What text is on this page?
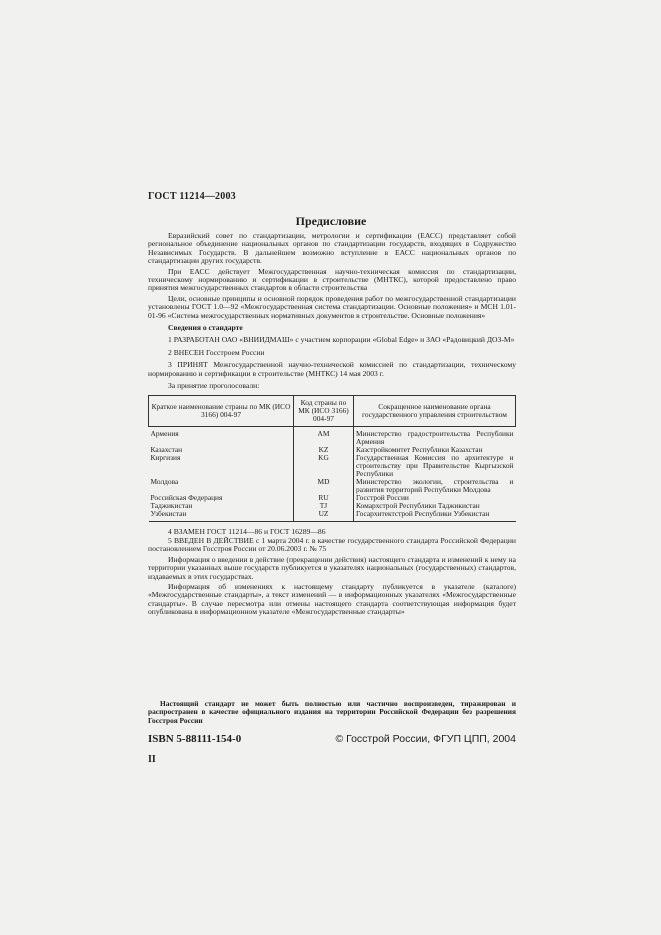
ГОСТ 11214—2003
Предисловие

Евразийский совет по стандартизации, метрологии и сертификации (ЕАСС) представляет собой региональное объединение национальных органов по стандартизации государств, входящих в Содружество Независимых Государств. В дальнейшем возможно вступление в ЕАСС национальных органов по стандартизации других государств.

При ЕАСС действует Межгосударственная научно-техническая комиссия по стандартизации, техническому нормированию и сертификации в строительстве (МНТКС), которой предоставлено право принятия межгосударственных стандартов в области строительства

Цели, основные принципы и основной порядок проведения работ по межгосударственной стандартизации установлены ГОСТ 1.0—92 «Межгосударственная система стандартизации. Основные положения» и МСН 1.01-01-96 «Система межгосударственных нормативных документов в строительстве. Основные положения»

Сведения о стандарте

1 РАЗРАБОТАН ОАО «ВНИИДМАШ» с участием корпорации «Global Edge» и ЗАО «Радовицкий ДОЗ-М»

2 ВНЕСЕН Госстроем России

3 ПРИНЯТ Межгосударственной научно-технической комиссией по стандартизации, техническому нормированию и сертификации в строительстве (МНТКС) 14 мая 2003 г.

За принятие проголосовали:

Краткое наименование страны по МК (ИСО 3166) 004-97	Код страны по МК (ИСО 3166) 004-97	Сокращенное наименование органа государственного управления строительством
Армения	AM	Министерство градостроительства Республики Армения
Казахстан	KZ	Казстройкомитет Республики Казахстан
Киргизия	KG	Государственная Комиссия по архитектуре и строительству при Правительстве Кыргызской Республики
Молдова	MD	Министерство экологии, строительства и развития территорий Республики Молдова
Российская Федерация	RU	Госстрой России
Таджикистан	TJ	Комархстрой Республики Таджикистан
Узбекистан	UZ	Госархитектстрой Республики Узбекистан

4 ВЗАМЕН ГОСТ 11214—86 и ГОСТ 16289—86

5 ВВЕДЕН В ДЕЙСТВИЕ с 1 марта 2004 г. в качестве государственного стандарта Российской Федерации постановлением Госстроя России от 20.06.2003 г. № 75

Информация о введении в действие (прекращении действия) настоящего стандарта и изменений к нему на территории указанных выше государств публикуется в указателях национальных (государственных) стандартов, издаваемых в этих государствах.

Информация об изменениях к настоящему стандарту публикуется в указателе (каталоге) «Межгосударственные стандарты», а текст изменений — в информационных указателях «Межгосударственные стандарты». В случае пересмотра или отмены настоящего стандарта соответствующая информация будет опубликована в информационном указателе «Межгосударственные стандарты»

Настоящий стандарт не может быть полностью или частично воспроизведен, тиражирован и распространен в качестве официального издания на территории Российской Федерации без разрешения Госстроя России

ISBN 5-88111-154-0	© Госстрой России, ФГУП ЦПП, 2004
II
